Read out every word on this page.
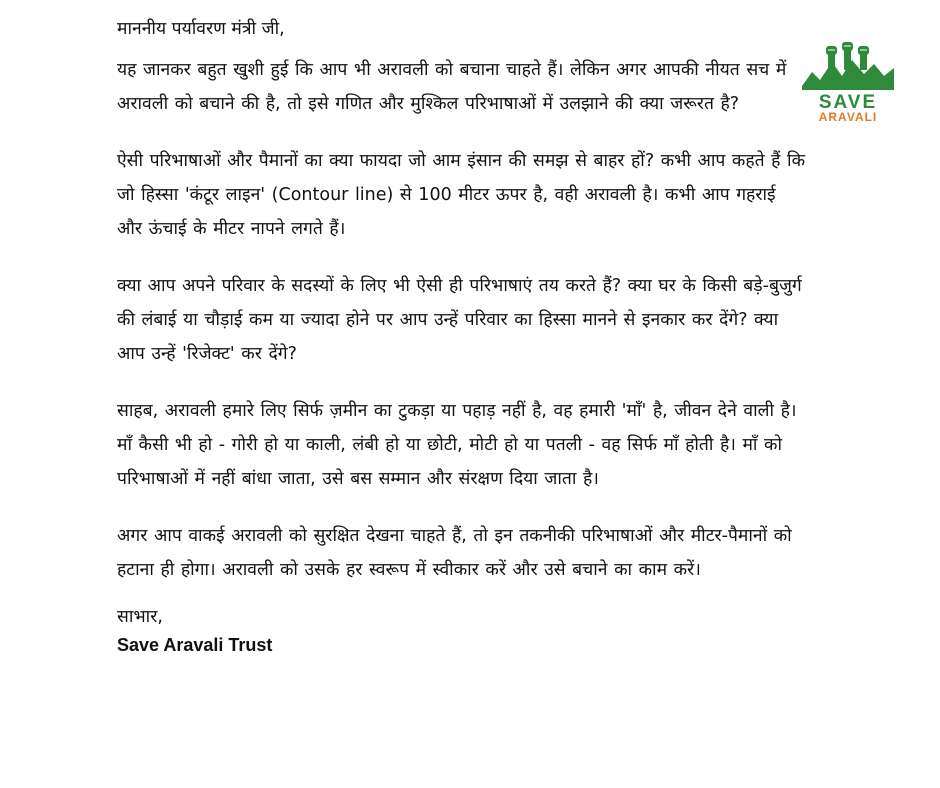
माननीय पर्यावरण मंत्री जी,

यह जानकर बहुत खुशी हुई कि आप भी अरावली को बचाना चाहते हैं। लेकिन अगर आपकी नीयत सच में अरावली को बचाने की है, तो इसे गणित और मुश्किल परिभाषाओं में उलझाने की क्या जरूरत है?

ऐसी परिभाषाओं और पैमानों का क्या फायदा जो आम इंसान की समझ से बाहर हों? कभी आप कहते हैं कि जो हिस्सा 'कंटूर लाइन' (Contour line) से 100 मीटर ऊपर है, वही अरावली है। कभी आप गहराई और ऊंचाई के मीटर नापने लगते हैं।

क्या आप अपने परिवार के सदस्यों के लिए भी ऐसी ही परिभाषाएं तय करते हैं? क्या घर के किसी बड़े-बुजुर्ग की लंबाई या चौड़ाई कम या ज्यादा होने पर आप उन्हें परिवार का हिस्सा मानने से इनकार कर देंगे? क्या आप उन्हें 'रिजेक्ट' कर देंगे?

साहब, अरावली हमारे लिए सिर्फ ज़मीन का टुकड़ा या पहाड़ नहीं है, वह हमारी 'माँ' है, जीवन देने वाली है। माँ कैसी भी हो - गोरी हो या काली, लंबी हो या छोटी, मोटी हो या पतली - वह सिर्फ माँ होती है। माँ को परिभाषाओं में नहीं बांधा जाता, उसे बस सम्मान और संरक्षण दिया जाता है।

अगर आप वाकई अरावली को सुरक्षित देखना चाहते हैं, तो इन तकनीकी परिभाषाओं और मीटर-पैमानों को हटाना ही होगा। अरावली को उसके हर स्वरूप में स्वीकार करें और उसे बचाने का काम करें।

साभार,

Save Aravali Trust

SAVE
ARAVALI
